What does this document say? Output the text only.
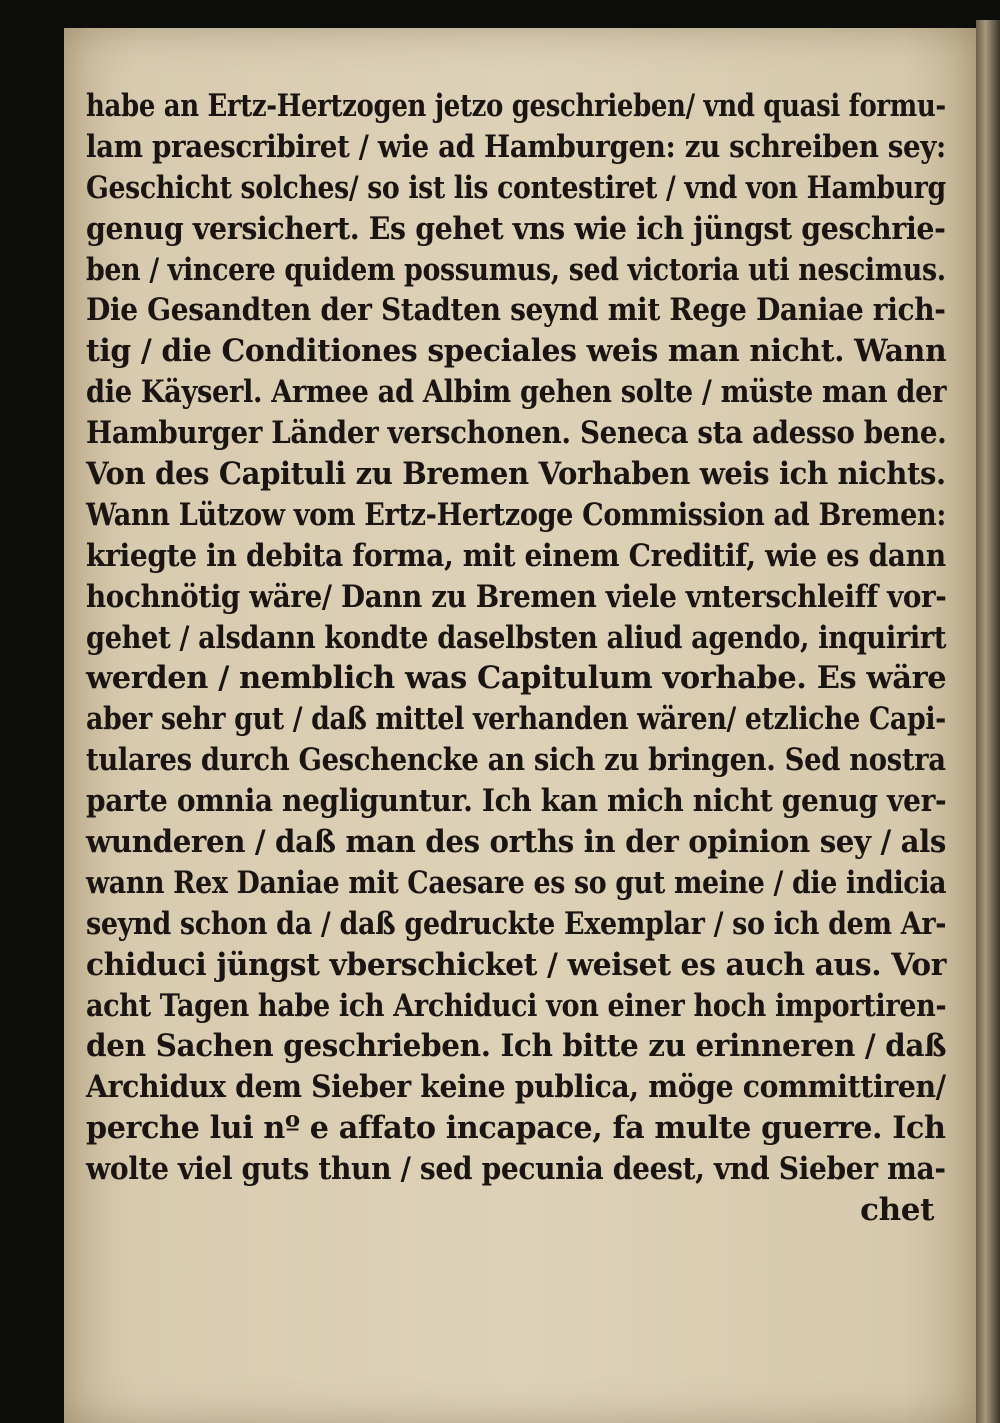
habe an Ertz-Hertzogen jetzo geschrieben/ vnd quasi formu-
lam praescribiret / wie ad Hamburgen: zu schreiben sey:
Geschicht solches/ so ist lis contestiret / vnd von Hamburg
genug versichert. Es gehet vns wie ich jüngst geschrie-
ben / vincere quidem possumus, sed victoria uti nescimus.
Die Gesandten der Stadten seynd mit Rege Daniae rich-
tig / die Conditiones speciales weis man nicht. Wann
die Käyserl. Armee ad Albim gehen solte / müste man der
Hamburger Länder verschonen. Seneca sta adesso bene.
Von des Capituli zu Bremen Vorhaben weis ich nichts.
Wann Lützow vom Ertz-Hertzoge Commission ad Bremen:
kriegte in debita forma, mit einem Creditif, wie es dann
hochnötig wäre/ Dann zu Bremen viele vnterschleiff vor-
gehet / alsdann kondte daselbsten aliud agendo, inquirirt
werden / nemblich was Capitulum vorhabe. Es wäre
aber sehr gut / daß mittel verhanden wären/ etzliche Capi-
tulares durch Geschencke an sich zu bringen. Sed nostra
parte omnia negliguntur. Ich kan mich nicht genug ver-
wunderen / daß man des orths in der opinion sey / als
wann Rex Daniae mit Caesare es so gut meine / die indicia
seynd schon da / daß gedruckte Exemplar / so ich dem Ar-
chiduci jüngst vberschicket / weiset es auch aus. Vor
acht Tagen habe ich Archiduci von einer hoch importiren-
den Sachen geschrieben. Ich bitte zu erinneren / daß
Archidux dem Sieber keine publica, möge committiren/
perche lui nº e affato incapace, fa multe guerre. Ich
wolte viel guts thun / sed pecunia deest, vnd Sieber ma-
chet
